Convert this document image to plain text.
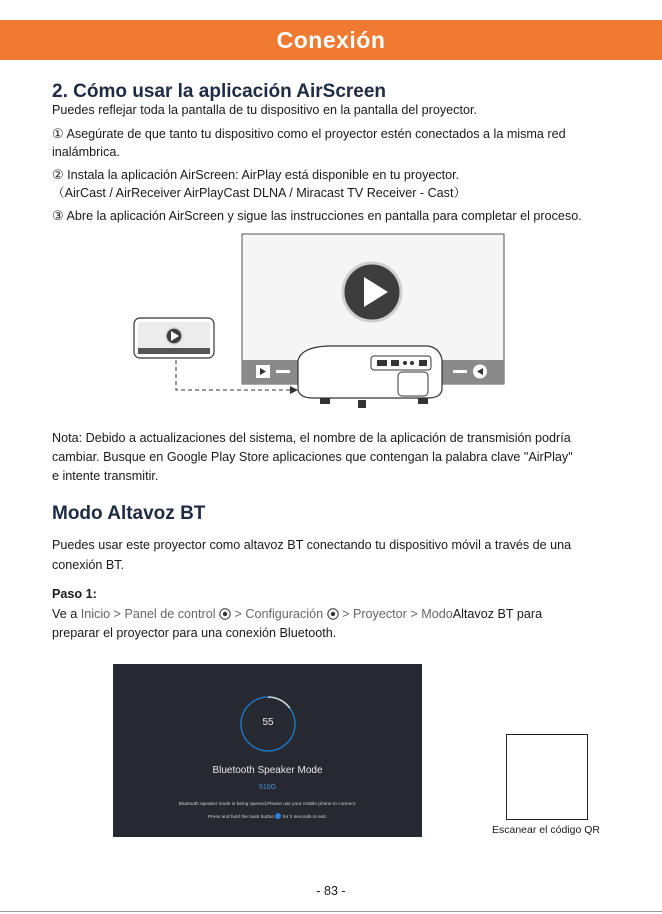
Conexión
2. Cómo usar la aplicación AirScreen
Puedes reflejar toda la pantalla de tu dispositivo en la pantalla del proyector.
① Asegúrate de que tanto tu dispositivo como el proyector estén conectados a la misma red
inalámbrica.
② Instala la aplicación AirScreen: AirPlay está disponible en tu proyector.
（AirCast / AirReceiver AirPlayCast DLNA / Miracast TV Receiver - Cast）
③ Abre la aplicación AirScreen y sigue las instrucciones en pantalla para completar el proceso.
Nota: Debido a actualizaciones del sistema, el nombre de la aplicación de transmisión podría
cambiar. Busque en Google Play Store aplicaciones que contengan la palabra clave "AirPlay"
e intente transmitir.
Modo Altavoz BT
Puedes usar este proyector como altavoz BT conectando tu dispositivo móvil a través de una
conexión BT.
Paso 1:
Ve a Inicio > Panel de control > Configuración > Proyector > ModoAltavoz BT para
preparar el proyector para una conexión Bluetooth.
55
Bluetooth Speaker Mode
510G
Bluetooth speaker mode is being opened,Please use your mobile phone to connect.
Press and hold the back button for 2 seconds to exit.
Escanear el código QR
- 83 -
